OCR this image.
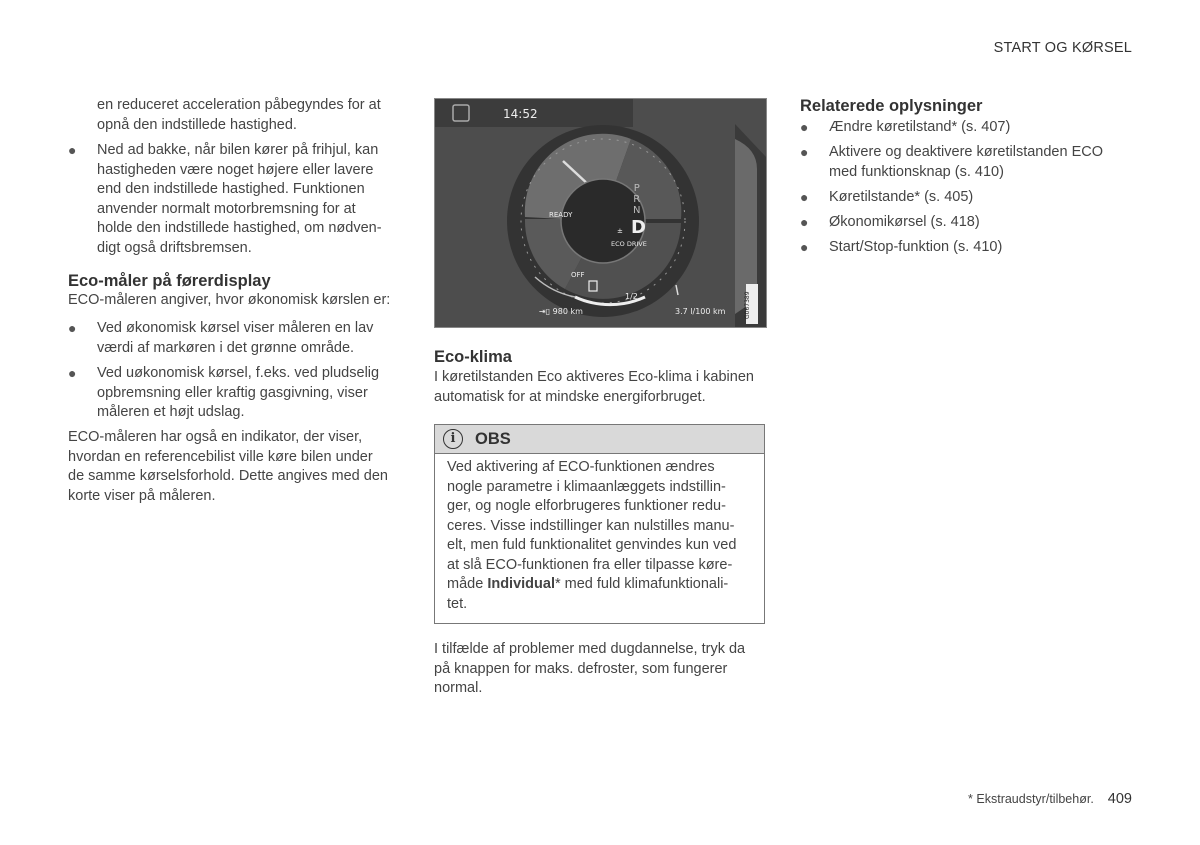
START OG KØRSEL
en reduceret acceleration påbegyndes for at opnå den indstillede hastighed.
● Ned ad bakke, når bilen kører på frihjul, kan
hastigheden være noget højere eller lavere
end den indstillede hastighed. Funktionen
anvender normalt motorbremsning for at
holde den indstillede hastighed, om nødven-
digt også driftsbremsen.
Eco-måler på førerdisplay
ECO-måleren angiver, hvor økonomisk kørslen er:
● Ved økonomisk kørsel viser måleren en lav
værdi af markøren i det grønne område.
● Ved uøkonomisk kørsel, f.eks. ved pludselig
opbremsning eller kraftig gasgivning, viser
måleren et højt udslag.
ECO-måleren har også en indikator, der viser,
hvordan en referencebilist ville køre bilen under
de samme kørselsforhold. Dette angives med den
korte viser på måleren.
14:52
READY
OFF
P
R
N
± D
ECO DRIVE
1/2
⇥▯ 980 km	3.7 l/100 km	G067389
Eco-klima
I køretilstanden Eco aktiveres Eco-klima i kabinen
automatisk for at mindske energiforbruget.
i	OBS
Ved aktivering af ECO-funktionen ændres
nogle parametre i klimaanlæggets indstillin-
ger, og nogle elforbrugeres funktioner redu-
ceres. Visse indstillinger kan nulstilles manu-
elt, men fuld funktionalitet genvindes kun ved
at slå ECO-funktionen fra eller tilpasse køre-
måde Individual* med fuld klimafunktionali-
tet.
I tilfælde af problemer med dugdannelse, tryk da
på knappen for maks. defroster, som fungerer
normal.
Relaterede oplysninger
● Ændre køretilstand* (s. 407)
● Aktivere og deaktivere køretilstanden ECO
med funktionsknap (s. 410)
● Køretilstande* (s. 405)
● Økonomikørsel (s. 418)
● Start/Stop-funktion (s. 410)
* Ekstraudstyr/tilbehør. 409
